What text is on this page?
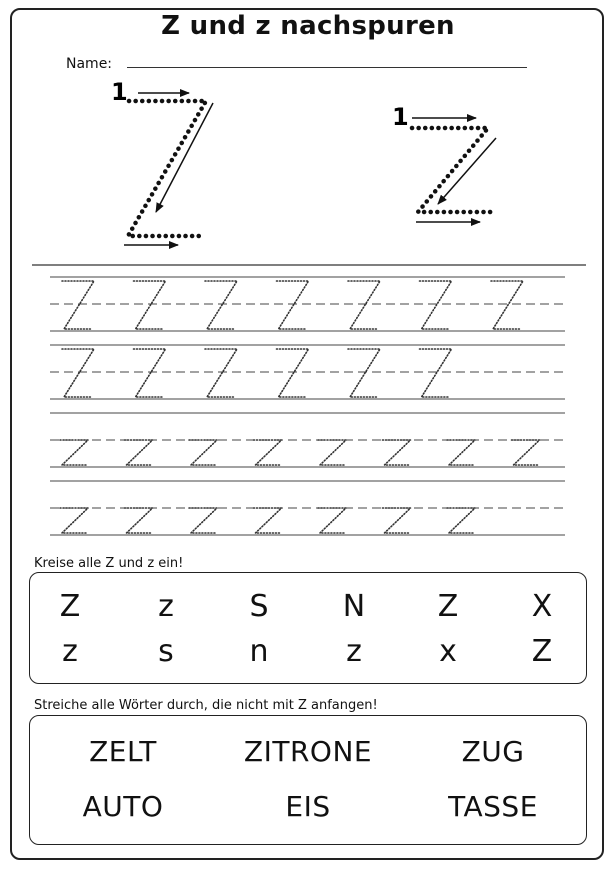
Z und z nachspuren
Name:
1
1
Kreise alle Z und z ein!
Z	z	S	N	Z	X
z	s	n	z	x	Z
Streiche alle Wörter durch, die nicht mit Z anfangen!
ZELT	ZITRONE	ZUG
AUTO	EIS	TASSE
